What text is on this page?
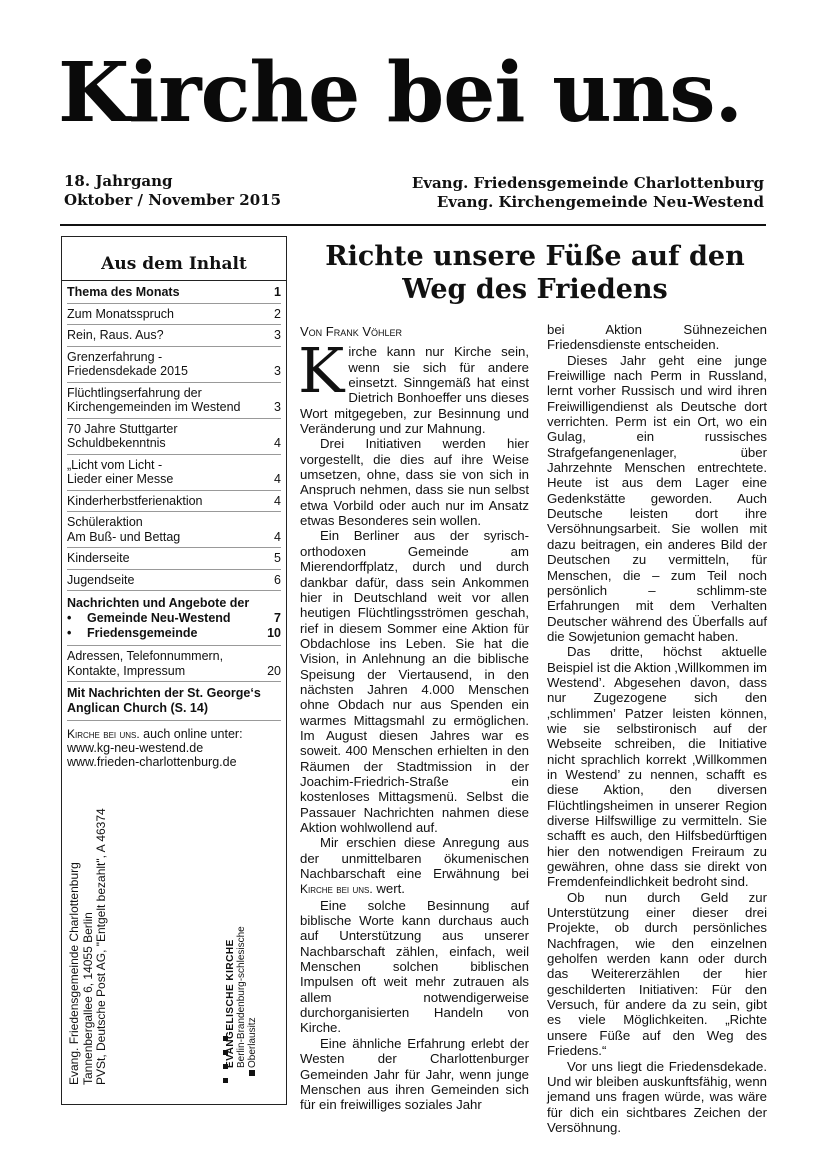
Kirche bei uns.
18. Jahrgang
Oktober / November 2015
Evang. Friedensgemeinde Charlottenburg
Evang. Kirchengemeinde Neu-Westend
Aus dem Inhalt
Thema des Monats	1
Zum Monatsspruch	2
Rein, Raus. Aus?	3
Grenzerfahrung -
Friedensdekade 2015	3
Flüchtlingserfahrung der
Kirchengemeinden im Westend	3
70 Jahre Stuttgarter
Schuldbekenntnis	4
„Licht vom Licht -
Lieder einer Messe	4
Kinderherbstferienaktion	4
Schüleraktion
Am Buß- und Bettag	4
Kinderseite	5
Jugendseite	6
Nachrichten und Angebote der
• Gemeinde Neu-Westend	7
• Friedensgemeinde	10
Adressen, Telefonnummern,
Kontakte, Impressum	20
Mit Nachrichten der St. George‘s Anglican Church (S. 14)
Kirche bei uns. auch online unter:
www.kg-neu-westend.de
www.frieden-charlottenburg.de
Evang. Friedensgemeinde Charlottenburg Tannenbergallee 6, 14055 Berlin PVSt, Deutsche Post AG, "Entgelt bezahlt", A 46374	EVANGELISCHE KIRCHE Berlin-Brandenburg-schlesische Oberlausitz
Richte unsere Füße auf den Weg des Friedens
Von Frank Vöhler

Kirche kann nur Kirche sein, wenn sie sich für andere einsetzt. Sinngemäß hat einst Dietrich Bonhoeffer uns dieses Wort mitgegeben, zur Besinnung und Veränderung und zur Mahnung.

Drei Initiativen werden hier vorgestellt, die dies auf ihre Weise umsetzen, ohne, dass sie von sich in Anspruch nehmen, dass sie nun selbst etwa Vorbild oder auch nur im Ansatz etwas Besonderes sein wollen.

Ein Berliner aus der syrisch-orthodoxen Gemeinde am Mierendorffplatz, durch und durch dankbar dafür, dass sein Ankommen hier in Deutschland weit vor allen heutigen Flüchtlingsströmen geschah, rief in diesem Sommer eine Aktion für Obdachlose ins Leben. Sie hat die Vision, in Anlehnung an die biblische Speisung der Viertausend, in den nächsten Jahren 4.000 Menschen ohne Obdach nur aus Spenden ein warmes Mittagsmahl zu ermöglichen. Im August diesen Jahres war es soweit. 400 Menschen erhielten in den Räumen der Stadtmission in der Joachim-Friedrich-Straße ein kostenloses Mittagsmenü. Selbst die Passauer Nachrichten nahmen diese Aktion wohlwollend auf.

Mir erschien diese Anregung aus der unmittelbaren ökumenischen Nachbarschaft eine Erwähnung bei Kirche bei uns. wert.

Eine solche Besinnung auf biblische Worte kann durchaus auch auf Unterstützung aus unserer Nachbarschaft zählen, einfach, weil Menschen solchen biblischen Impulsen oft weit mehr zutrauen als allem notwendigerweise durchorganisierten Handeln von Kirche.

Eine ähnliche Erfahrung erlebt der Westen der Charlottenburger Gemeinden Jahr für Jahr, wenn junge Menschen aus ihren Gemeinden sich für ein freiwilliges soziales Jahr

bei Aktion Sühnezeichen Friedensdienste entscheiden.

Dieses Jahr geht eine junge Freiwillige nach Perm in Russland, lernt vorher Russisch und wird ihren Freiwilligendienst als Deutsche dort verrichten. Perm ist ein Ort, wo ein Gulag, ein russisches Strafgefangenenlager, über Jahrzehnte Menschen entrechtete. Heute ist aus dem Lager eine Gedenkstätte geworden. Auch Deutsche leisten dort ihre Versöhnungsarbeit. Sie wollen mit dazu beitragen, ein anderes Bild der Deutschen zu vermitteln, für Menschen, die – zum Teil noch persönlich – schlimm-ste Erfahrungen mit dem Verhalten Deutscher während des Überfalls auf die Sowjetunion gemacht haben.

Das dritte, höchst aktuelle Beispiel ist die Aktion ‚Willkommen im Westend’. Abgesehen davon, dass nur Zugezogene sich den ‚schlimmen’ Patzer leisten können, wie sie selbstironisch auf der Webseite schreiben, die Initiative nicht sprachlich korrekt ‚Willkommen in Westend’ zu nennen, schafft es diese Aktion, den diversen Flüchtlingsheimen in unserer Region diverse Hilfswillige zu vermitteln. Sie schafft es auch, den Hilfsbedürftigen hier den notwendigen Freiraum zu gewähren, ohne dass sie direkt von Fremdenfeindlichkeit bedroht sind.

Ob nun durch Geld zur Unterstützung einer dieser drei Projekte, ob durch persönliches Nachfragen, wie den einzelnen geholfen werden kann oder durch das Weitererzählen der hier geschilderten Initiativen: Für den Versuch, für andere da zu sein, gibt es viele Möglichkeiten. „Richte unsere Füße auf den Weg des Friedens.“

Vor uns liegt die Friedensdekade. Und wir bleiben auskunftsfähig, wenn jemand uns fragen würde, was wäre für dich ein sichtbares Zeichen der Versöhnung.
